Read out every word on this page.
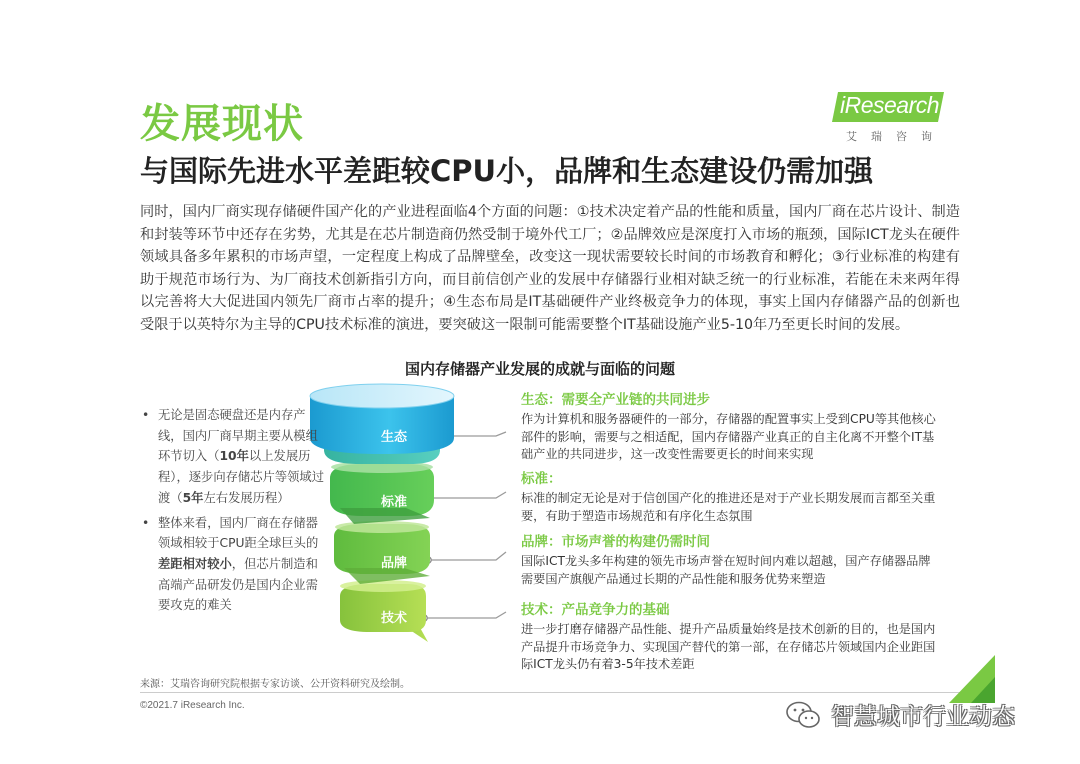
发展现状
与国际先进水平差距较CPU小，品牌和生态建设仍需加强
iResearch
艾瑞咨询
同时，国内厂商实现存储硬件国产化的产业进程面临4个方面的问题：①技术决定着产品的性能和质量，国内厂商在芯片设计、制造和封装等环节中还存在劣势，尤其是在芯片制造商仍然受制于境外代工厂；②品牌效应是深度打入市场的瓶颈，国际ICT龙头在硬件领域具备多年累积的市场声望，一定程度上构成了品牌壁垒，改变这一现状需要较长时间的市场教育和孵化；③行业标准的构建有助于规范市场行为、为厂商技术创新指引方向，而目前信创产业的发展中存储器行业相对缺乏统一的行业标准，若能在未来两年得以完善将大大促进国内领先厂商市占率的提升；④生态布局是IT基础硬件产业终极竞争力的体现，事实上国内存储器产品的创新也受限于以英特尔为主导的CPU技术标准的演进，要突破这一限制可能需要整个IT基础设施产业5-10年乃至更长时间的发展。
国内存储器产业发展的成就与面临的问题
生态
标准
品牌
技术
• 无论是固态硬盘还是内存产线，国内厂商早期主要从模组环节切入（10年以上发展历程），逐步向存储芯片等领域过渡（5年左右发展历程）
• 整体来看，国内厂商在存储器领域相较于CPU距全球巨头的差距相对较小，但芯片制造和高端产品研发仍是国内企业需要攻克的难关
生态：需要全产业链的共同进步
作为计算机和服务器硬件的一部分，存储器的配置事实上受到CPU等其他核心部件的影响，需要与之相适配，国内存储器产业真正的自主化离不开整个IT基础产业的共同进步，这一改变性需要更长的时间来实现
标准：
标准的制定无论是对于信创国产化的推进还是对于产业长期发展而言都至关重要，有助于塑造市场规范和有序化生态氛围
品牌：市场声誉的构建仍需时间
国际ICT龙头多年构建的领先市场声誉在短时间内难以超越，国产存储器品牌需要国产旗舰产品通过长期的产品性能和服务优势来塑造
技术：产品竞争力的基础
进一步打磨存储器产品性能、提升产品质量始终是技术创新的目的，也是国内产品提升市场竞争力、实现国产替代的第一部，在存储芯片领域国内企业距国际ICT龙头仍有着3-5年技术差距
来源：艾瑞咨询研究院根据专家访谈、公开资料研究及绘制。
©2021.7 iResearch Inc.	智慧城市行业动态
